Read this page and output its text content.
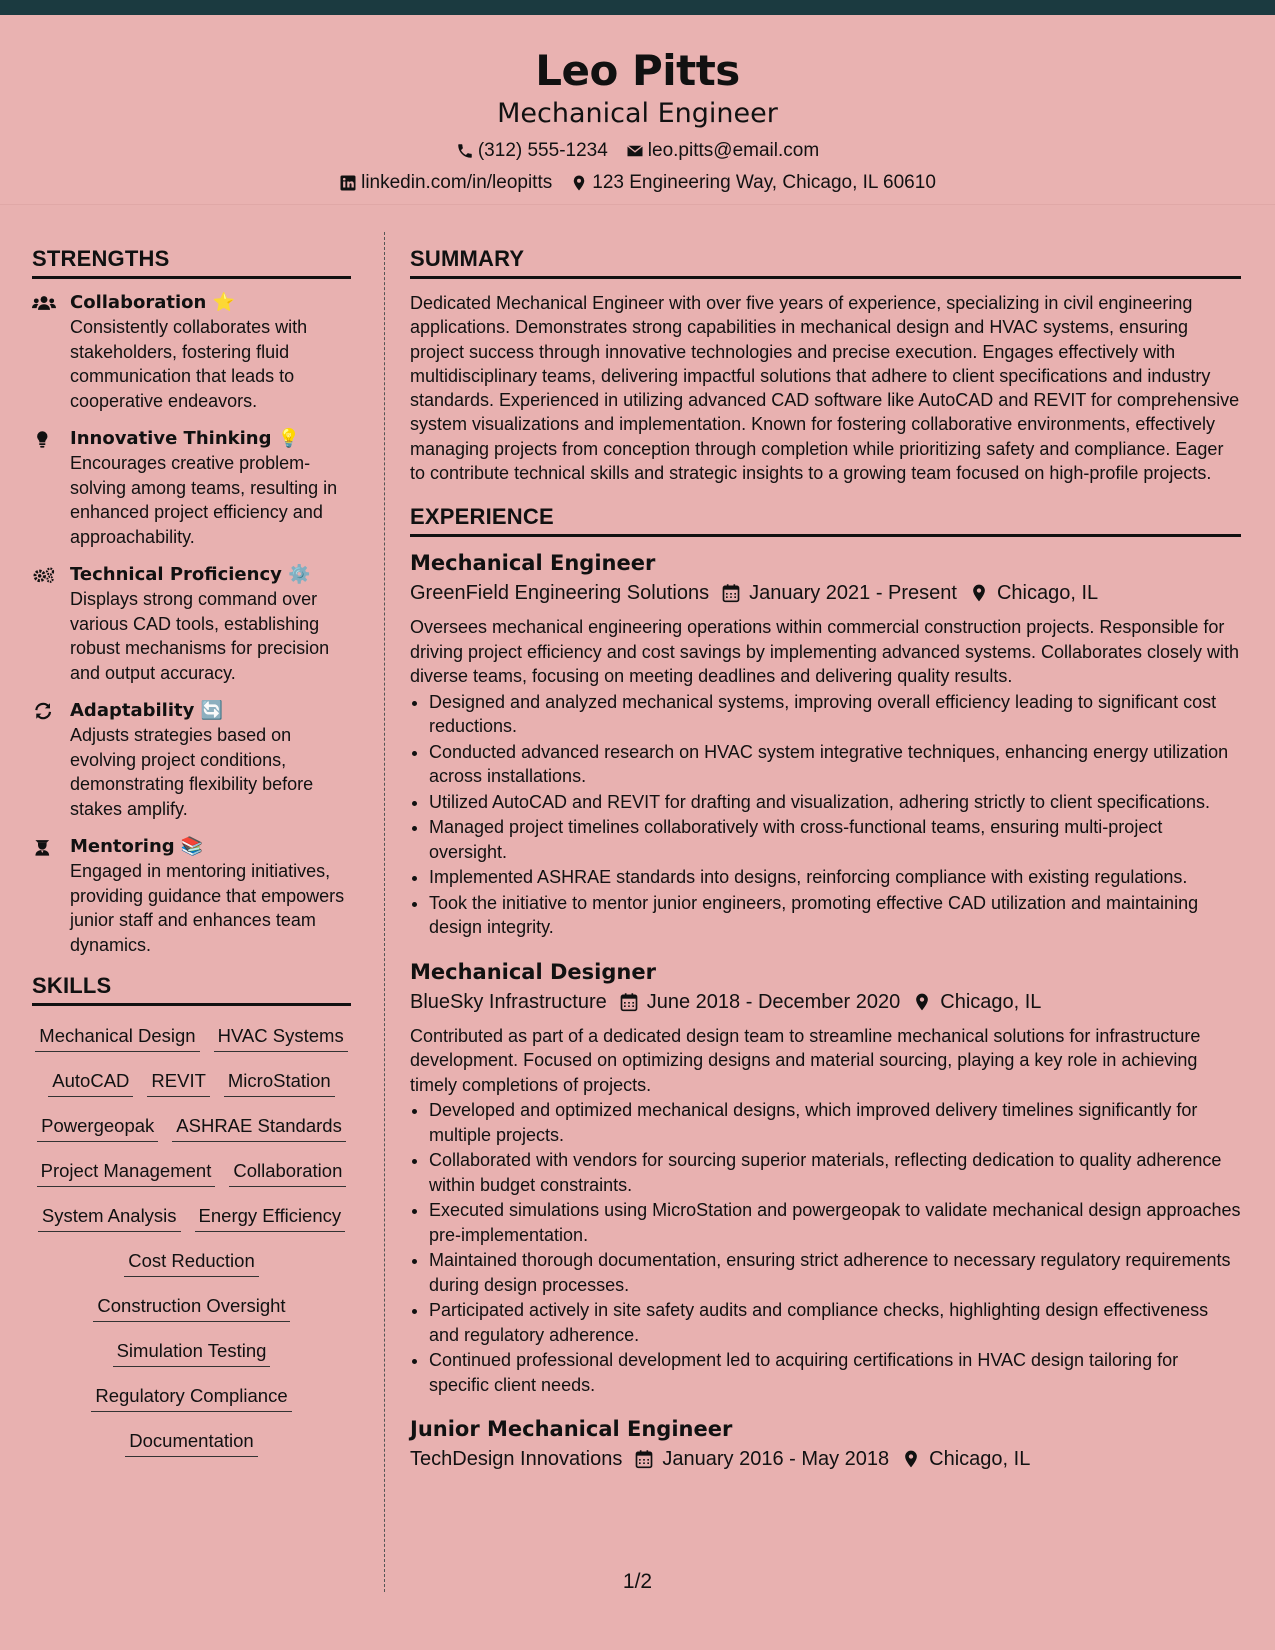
Leo Pitts
Mechanical Engineer
(312) 555-1234 leo.pitts@email.com
linkedin.com/in/leopitts 123 Engineering Way, Chicago, IL 60610
STRENGTHS
Collaboration ⭐
Consistently collaborates with stakeholders, fostering fluid communication that leads to cooperative endeavors.
Innovative Thinking 💡
Encourages creative problem-solving among teams, resulting in enhanced project efficiency and approachability.
Technical Proficiency ⚙️
Displays strong command over various CAD tools, establishing robust mechanisms for precision and output accuracy.
Adaptability 🔄
Adjusts strategies based on evolving project conditions, demonstrating flexibility before stakes amplify.
Mentoring 📚
Engaged in mentoring initiatives, providing guidance that empowers junior staff and enhances team dynamics.
SKILLS
Mechanical Design HVAC Systems
AutoCAD REVIT MicroStation
Powergeopak ASHRAE Standards
Project Management Collaboration
System Analysis Energy Efficiency
Cost Reduction
Construction Oversight
Simulation Testing
Regulatory Compliance
Documentation
SUMMARY
Dedicated Mechanical Engineer with over five years of experience, specializing in civil engineering applications. Demonstrates strong capabilities in mechanical design and HVAC systems, ensuring project success through innovative technologies and precise execution. Engages effectively with multidisciplinary teams, delivering impactful solutions that adhere to client specifications and industry standards. Experienced in utilizing advanced CAD software like AutoCAD and REVIT for comprehensive system visualizations and implementation. Known for fostering collaborative environments, effectively managing projects from conception through completion while prioritizing safety and compliance. Eager to contribute technical skills and strategic insights to a growing team focused on high-profile projects.
EXPERIENCE
Mechanical Engineer
GreenField Engineering Solutions January 2021 - Present Chicago, IL
Oversees mechanical engineering operations within commercial construction projects. Responsible for driving project efficiency and cost savings by implementing advanced systems. Collaborates closely with diverse teams, focusing on meeting deadlines and delivering quality results.
• Designed and analyzed mechanical systems, improving overall efficiency leading to significant cost reductions.
• Conducted advanced research on HVAC system integrative techniques, enhancing energy utilization across installations.
• Utilized AutoCAD and REVIT for drafting and visualization, adhering strictly to client specifications.
• Managed project timelines collaboratively with cross-functional teams, ensuring multi-project oversight.
• Implemented ASHRAE standards into designs, reinforcing compliance with existing regulations.
• Took the initiative to mentor junior engineers, promoting effective CAD utilization and maintaining design integrity.
Mechanical Designer
BlueSky Infrastructure June 2018 - December 2020 Chicago, IL
Contributed as part of a dedicated design team to streamline mechanical solutions for infrastructure development. Focused on optimizing designs and material sourcing, playing a key role in achieving timely completions of projects.
• Developed and optimized mechanical designs, which improved delivery timelines significantly for multiple projects.
• Collaborated with vendors for sourcing superior materials, reflecting dedication to quality adherence within budget constraints.
• Executed simulations using MicroStation and powergeopak to validate mechanical design approaches pre-implementation.
• Maintained thorough documentation, ensuring strict adherence to necessary regulatory requirements during design processes.
• Participated actively in site safety audits and compliance checks, highlighting design effectiveness and regulatory adherence.
• Continued professional development led to acquiring certifications in HVAC design tailoring for specific client needs.
Junior Mechanical Engineer
TechDesign Innovations January 2016 - May 2018 Chicago, IL
1/2
